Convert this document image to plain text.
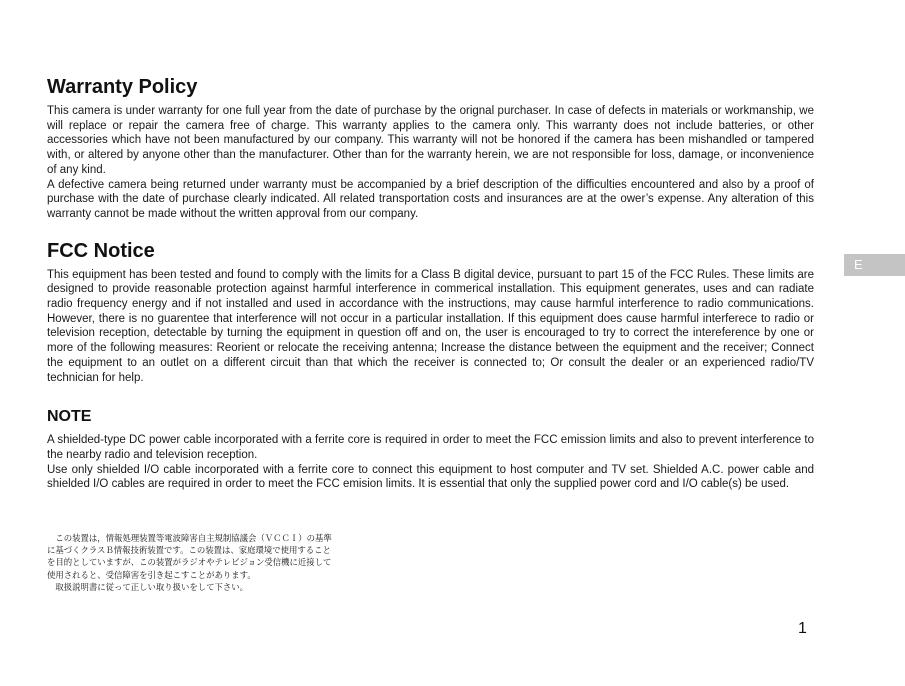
Warranty Policy

This camera is under warranty for one full year from the date of purchase by the orignal purchaser. In case of defects in materials or workmanship, we will replace or repair the camera free of charge. This warranty applies to the camera only. This warranty does not include batteries, or other accessories which have not been manufactured by our company. This warranty will not be honored if the camera has been mishandled or tampered with, or altered by anyone other than the manufacturer. Other than for the warranty herein, we are not responsible for loss, damage, or inconvenience of any kind.

A defective camera being returned under warranty must be accompanied by a brief description of the difficulties encountered and also by a proof of purchase with the date of purchase clearly indicated. All related transportation costs and insurances are at the ower’s expense. Any alteration of this warranty cannot be made without the written approval from our company.

FCC Notice

This equipment has been tested and found to comply with the limits for a Class B digital device, pursuant to part 15 of the FCC Rules. These limits are designed to provide reasonable protection against harmful interference in commerical installation. This equipment generates, uses and can radiate radio frequency energy and if not installed and used in accordance with the instructions, may cause harmful interference to radio communications. However, there is no guarentee that interference will not occur in a particular installation. If this equipment does cause harmful interferece to radio or television reception, detectable by turning the equipment in question off and on, the user is encouraged to try to correct the intereference by one or more of the following measures: Reorient or relocate the receiving antenna; Increase the distance between the equipment and the receiver; Connect the equipment to an outlet on a different circuit than that which the receiver is connected to; Or consult the dealer or an experienced radio/TV technician for help.

NOTE

A shielded-type DC power cable incorporated with a ferrite core is required in order to meet the FCC emission limits and also to prevent interference to the nearby radio and television reception.

Use only shielded I/O cable incorporated with a ferrite core to connect this equipment to host computer and TV set. Shielded A.C. power cable and shielded I/O cables are required in order to meet the FCC emision limits. It is essential that only the supplied power cord and I/O cable(s) be used.

　この装置は，情報処理装置等電波障害自主規制協議会（ＶＣＣＩ）の基準

に基づくクラスＢ情報技術装置です。この装置は、家庭環境で使用すること

を目的としていますが、この装置がラジオやテレビジョン受信機に近接して

使用されると、受信障害を引き起こすことがあります。

　取扱説明書に従って正しい取り扱いをして下さい。

E
1
